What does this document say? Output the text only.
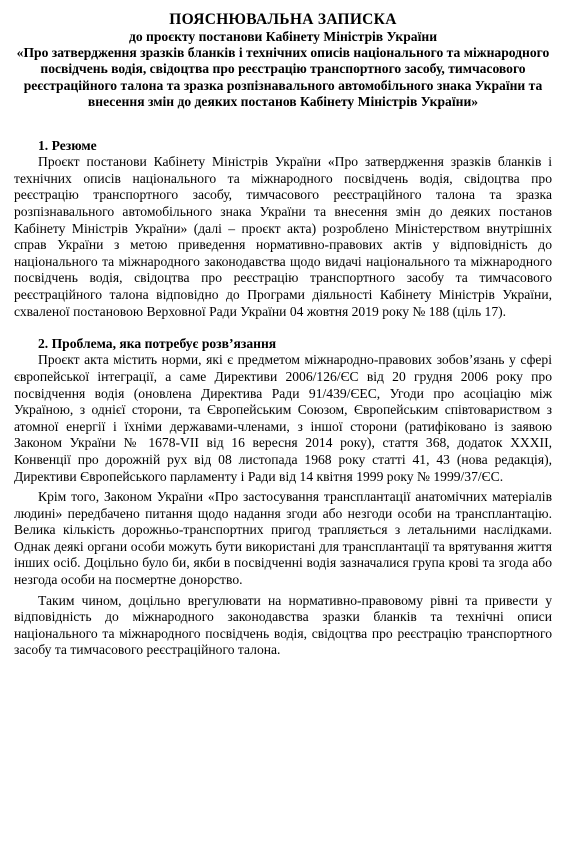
ПОЯСНЮВАЛЬНА ЗАПИСКА

до проєкту постанови Кабінету Міністрів України

«Про затвердження зразків бланків і технічних описів національного та міжнародного посвідчень водія, свідоцтва про реєстрацію транспортного засобу, тимчасового реєстраційного талона та зразка розпізнавального автомобільного знака України та внесення змін до деяких постанов Кабінету Міністрів України»

1. Резюме

Проєкт постанови Кабінету Міністрів України «Про затвердження зразків бланків і технічних описів національного та міжнародного посвідчень водія, свідоцтва про реєстрацію транспортного засобу, тимчасового реєстраційного талона та зразка розпізнавального автомобільного знака України та внесення змін до деяких постанов Кабінету Міністрів України» (далі – проєкт акта) розроблено Міністерством внутрішніх справ України з метою приведення нормативно-правових актів у відповідність до національного та міжнародного законодавства щодо видачі національного та міжнародного посвідчень водія, свідоцтва про реєстрацію транспортного засобу та тимчасового реєстраційного талона відповідно до Програми діяльності Кабінету Міністрів України, схваленої постановою Верховної Ради України 04 жовтня 2019 року № 188 (ціль 17).

2. Проблема, яка потребує розв’язання

Проєкт акта містить норми, які є предметом міжнародно-правових зобов’язань у сфері європейської інтеграції, а саме Директиви 2006/126/ЄС від 20 грудня 2006 року про посвідчення водія (оновлена Директива Ради 91/439/ЄЕС, Угоди про асоціацію між Україною, з однієї сторони, та Європейським Союзом, Європейським співтовариством з атомної енергії і їхніми державами-членами, з іншої сторони (ратифіковано із заявою Законом України № 1678-VII від 16 вересня 2014 року), стаття 368, додаток XXXII, Конвенції про дорожній рух від 08 листопада 1968 року статті 41, 43 (нова редакція), Директиви Європейського парламенту і Ради від 14 квітня 1999 року № 1999/37/ЄС.

Крім того, Законом України «Про застосування трансплантації анатомічних матеріалів людині» передбачено питання щодо надання згоди або незгоди особи на трансплантацію. Велика кількість дорожньо-транспортних пригод трапляється з летальними наслідками. Однак деякі органи особи можуть бути використані для трансплантації та врятування життя інших осіб. Доцільно було би, якби в посвідченні водія зазначалися група крові та згода або незгода особи на посмертне донорство.

Таким чином, доцільно врегулювати на нормативно-правовому рівні та привести у відповідність до міжнародного законодавства зразки бланків та технічні описи національного та міжнародного посвідчень водія, свідоцтва про реєстрацію транспортного засобу та тимчасового реєстраційного талона.
